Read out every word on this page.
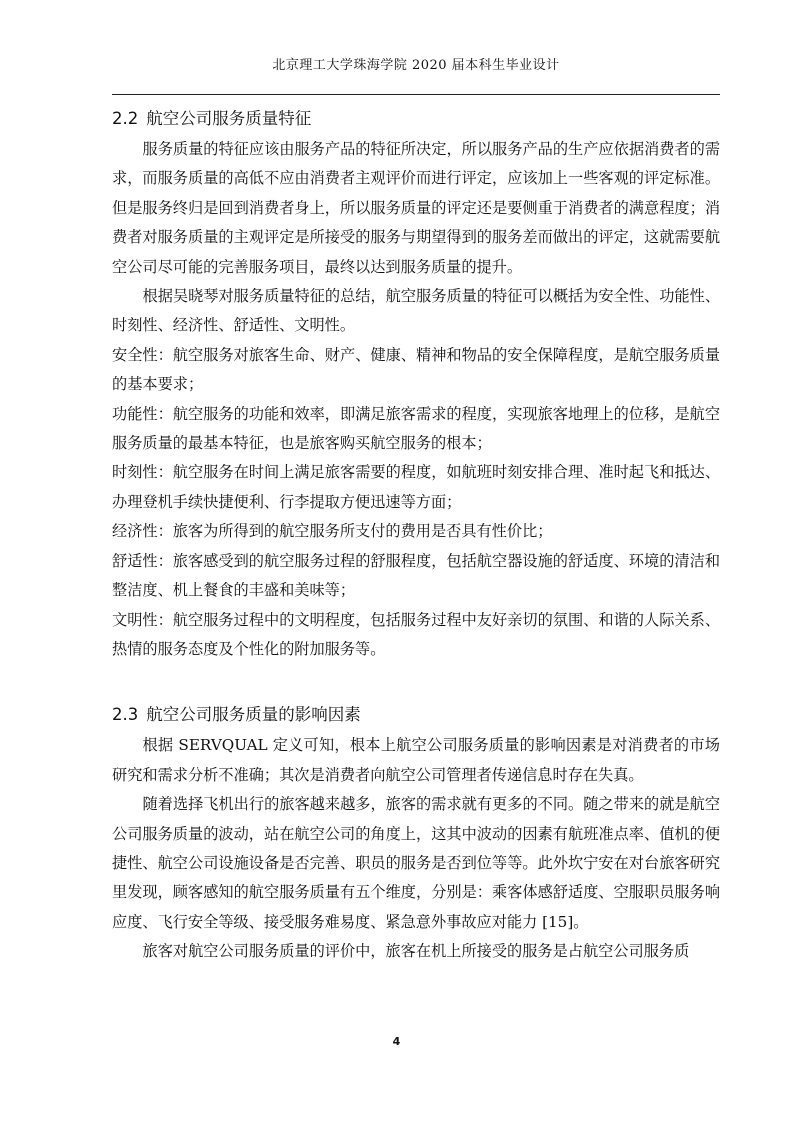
北京理工大学珠海学院 2020 届本科生毕业设计
2.2 航空公司服务质量特征

服务质量的特征应该由服务产品的特征所决定，所以服务产品的生产应依据消费者的需求，而服务质量的高低不应由消费者主观评价而进行评定，应该加上一些客观的评定标准。但是服务终归是回到消费者身上，所以服务质量的评定还是要侧重于消费者的满意程度；消费者对服务质量的主观评定是所接受的服务与期望得到的服务差而做出的评定，这就需要航空公司尽可能的完善服务项目，最终以达到服务质量的提升。

根据吴晓琴对服务质量特征的总结，航空服务质量的特征可以概括为安全性、功能性、时刻性、经济性、舒适性、文明性。

安全性：航空服务对旅客生命、财产、健康、精神和物品的安全保障程度，是航空服务质量的基本要求；

功能性：航空服务的功能和效率，即满足旅客需求的程度，实现旅客地理上的位移，是航空服务质量的最基本特征，也是旅客购买航空服务的根本；

时刻性：航空服务在时间上满足旅客需要的程度，如航班时刻安排合理、准时起飞和抵达、办理登机手续快捷便利、行李提取方便迅速等方面；

经济性：旅客为所得到的航空服务所支付的费用是否具有性价比；

舒适性：旅客感受到的航空服务过程的舒服程度，包括航空器设施的舒适度、环境的清洁和整洁度、机上餐食的丰盛和美味等；

文明性：航空服务过程中的文明程度，包括服务过程中友好亲切的氛围、和谐的人际关系、热情的服务态度及个性化的附加服务等。

2.3 航空公司服务质量的影响因素

根据 SERVQUAL 定义可知，根本上航空公司服务质量的影响因素是对消费者的市场研究和需求分析不准确；其次是消费者向航空公司管理者传递信息时存在失真。

随着选择飞机出行的旅客越来越多，旅客的需求就有更多的不同。随之带来的就是航空公司服务质量的波动，站在航空公司的角度上，这其中波动的因素有航班准点率、值机的便捷性、航空公司设施设备是否完善、职员的服务是否到位等等。此外坎宁安在对台旅客研究里发现，顾客感知的航空服务质量有五个维度，分别是：乘客体感舒适度、空服职员服务响应度、飞行安全等级、接受服务难易度、紧急意外事故应对能力 [15]。

旅客对航空公司服务质量的评价中，旅客在机上所接受的服务是占航空公司服务质

4
